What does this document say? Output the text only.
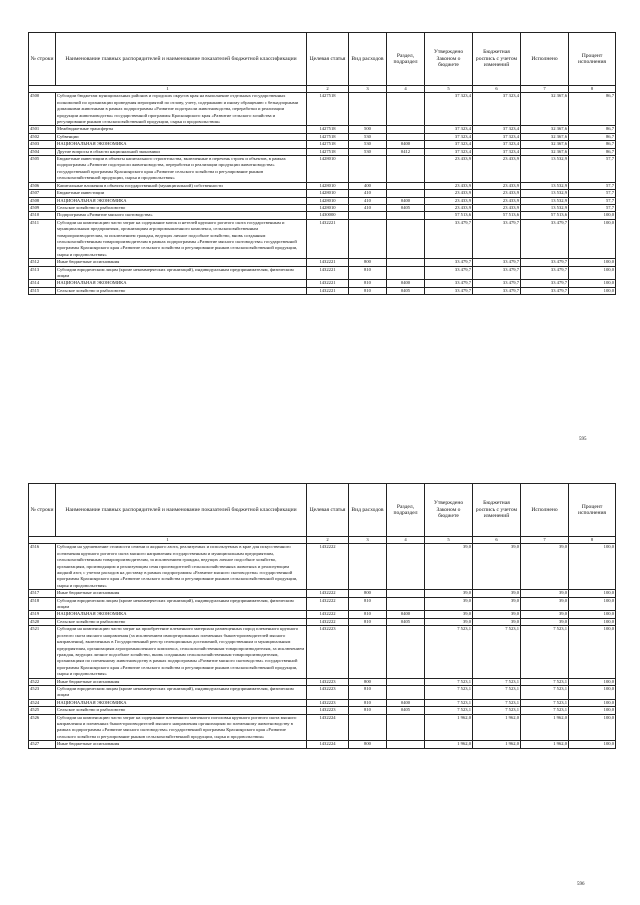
№ строки	Наименование главных распорядителей и наименование показателей бюджетной классификации	Целевая статья	Вид расходов	Раздел, подраздел	Утверждено Законом о бюджете	Бюджетная роспись с учетом изменений	Исполнено	Процент исполнения
1		2	3	4	5	6	7	8
4500	Субсидии бюджетам муниципальных районов и городских округов края на выполнение отдельных государственных полномочий по организации проведения мероприятий по отлову, учету, содержанию и иному обращению с безнадзорными домашними животными в рамках подпрограммы «Развитие подотрасли животноводства, переработки и реализации продукции животноводства» государственной программы Красноярского края «Развитие сельского хозяйства и регулирование рынков сельскохозяйственной продукции, сырья и продовольствия»	1427518			37 323,4	37 323,4	32 367,6	86,7
4501	Межбюджетные трансферты	1427518	500		37 323,4	37 323,4	32 367,6	86,7
4502	Субвенции	1427518	530		37 323,4	37 323,4	32 367,6	86,7
4503	НАЦИОНАЛЬНАЯ ЭКОНОМИКА	1427518	530	0400	37 323,4	37 323,4	32 367,6	86,7
4504	Другие вопросы в области национальной экономики	1427518	530	0412	37 323,4	37 323,4	32 367,6	86,7
4505	Бюджетные инвестиции в объекты капитального строительства, включенные в перечень строек и объектов, в рамках подпрограммы «Развитие подотрасли животноводства, переработки и реализации продукции животноводства» государственной программы Красноярского края «Развитие сельского хозяйства и регулирование рынков сельскохозяйственной продукции, сырья и продовольствия»	1428010			23 433,9	23 433,9	13 532,9	57,7
4506	Капитальные вложения в объекты государственной (муниципальной) собственности	1428010	400		23 433,9	23 433,9	13 532,9	57,7
4507	Бюджетные инвестиции	1428010	410		23 433,9	23 433,9	13 532,9	57,7
4508	НАЦИОНАЛЬНАЯ ЭКОНОМИКА	1428010	410	0400	23 433,9	23 433,9	13 532,9	57,7
4509	Сельское хозяйство и рыболовство	1428010	410	0405	23 433,9	23 433,9	13 532,9	57,7
4510	Подпрограмма «Развитие мясного скотоводства»	1430000			57 513,6	57 513,6	57 513,6	100,0
4511	Субсидии на компенсацию части затрат на содержание маток и нетелей крупного рогатого скота государственным и муниципальным предприятиям, организациям агропромышленного комплекса, сельскохозяйственным товаропроизводителям, за исключением граждан, ведущих личное подсобное хозяйство, вновь созданным сельскохозяйственным товаропроизводителям в рамках подпрограммы «Развитие мясного скотоводства» государственной программы Красноярского края «Развитие сельского хозяйства и регулирование рынков сельскохозяйственной продукции, сырья и продовольствия»	1432221			33 479,7	33 479,7	33 479,7	100,0
4512	Иные бюджетные ассигнования	1432221	800		33 479,7	33 479,7	33 479,7	100,0
4513	Субсидии юридическим лицам (кроме некоммерческих организаций), индивидуальным предпринимателям, физическим лицам	1432221	810		33 479,7	33 479,7	33 479,7	100,0
4514	НАЦИОНАЛЬНАЯ ЭКОНОМИКА	1432221	810	0400	33 479,7	33 479,7	33 479,7	100,0
4515	Сельское хозяйство и рыболовство	1432221	810	0405	33 479,7	33 479,7	33 479,7	100,0
595
№ строки	Наименование главных распорядителей и наименование показателей бюджетной классификации	Целевая статья	Вид расходов	Раздел, подраздел	Утверждено Законом о бюджете	Бюджетная роспись с учетом изменений	Исполнено	Процент исполнения
1		2	3	4	5	6	7	8
4516	Субсидии на удешевление стоимости семени и жидкого азота, реализуемых и используемых в крае для искусственного осеменения крупного рогатого скота мясного направления государственным и муниципальным предприятиям, сельскохозяйственным товаропроизводителям, за исключением граждан, ведущих личное подсобное хозяйство, организациям, производящим и реализующим семя производителей сельскохозяйственных животных и реализующим жидкий азот, с учетом расходов на доставку в рамках подпрограммы «Развитие мясного скотоводства» государственной программы Красноярского края «Развитие сельского хозяйства и регулирование рынков сельскохозяйственной продукции, сырья и продовольствия»	1432222			39,0	39,0	39,0	100,0
4517	Иные бюджетные ассигнования	1432222	800		39,0	39,0	39,0	100,0
4518	Субсидии юридическим лицам (кроме некоммерческих организаций), индивидуальным предпринимателям, физическим лицам	1432222	810		39,0	39,0	39,0	100,0
4519	НАЦИОНАЛЬНАЯ ЭКОНОМИКА	1432222	810	0400	39,0	39,0	39,0	100,0
4520	Сельское хозяйство и рыболовство	1432222	810	0405	39,0	39,0	39,0	100,0
4521	Субсидии на компенсацию части затрат на приобретение племенного материала размещенных пород племенного крупного рогатого скота мясного направления (за исключением импортированных племенных быков-производителей мясного направления), включенных в Государственный реестр селекционных достижений, государственным и муниципальным предприятиям, организациям агропромышленного комплекса, сельскохозяйственным товаропроизводителям, за исключением граждан, ведущих личное подсобное хозяйство, вновь созданным сельскохозяйственным товаропроизводителям, организациям по племенному животноводству в рамках подпрограммы «Развитие мясного скотоводства» государственной программы Красноярского края «Развитие сельского хозяйства и регулирование рынков сельскохозяйственной продукции, сырья и продовольствия»	1432223			7 523,1	7 523,1	7 523,1	100,0
4522	Иные бюджетные ассигнования	1432223	800		7 523,1	7 523,1	7 523,1	100,0
4523	Субсидии юридическим лицам (кроме некоммерческих организаций), индивидуальным предпринимателям, физическим лицам	1432223	810		7 523,1	7 523,1	7 523,1	100,0
4524	НАЦИОНАЛЬНАЯ ЭКОНОМИКА	1432223	810	0400	7 523,1	7 523,1	7 523,1	100,0
4525	Сельское хозяйство и рыболовство	1432223	810	0405	7 523,1	7 523,1	7 523,1	100,0
4526	Субсидии на компенсацию части затрат на содержание племенного маточного поголовья крупного рогатого скота мясного направления и племенных быков-производителей мясного направления организациям по племенному животноводству в рамках подпрограммы «Развитие мясного скотоводства» государственной программы Красноярского края «Развитие сельского хозяйства и регулирование рынков сельскохозяйственной продукции, сырья и продовольствия»	1432224			1 962,0	1 962,0	1 962,0	100,0
4527	Иные бюджетные ассигнования	1432224	800		1 962,0	1 962,0	1 962,0	100,0
596
